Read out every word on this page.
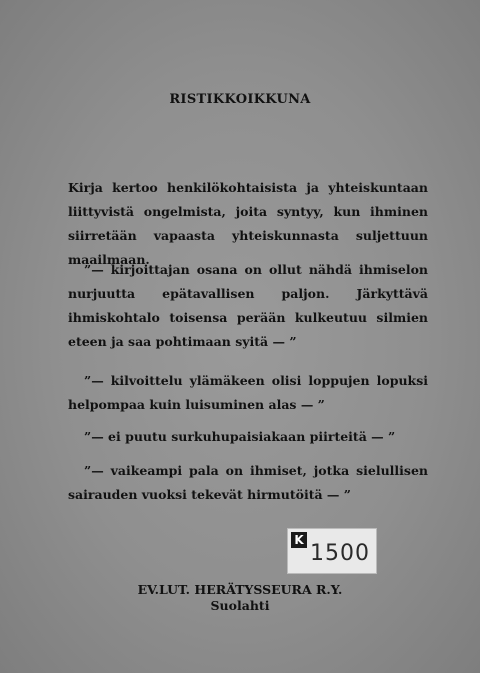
RISTIKKOIKKUNA
Kirja kertoo henkilökohtaisista ja yhteiskuntaan liittyvistä ongelmista, joita syntyy, kun ihminen siirretään vapaasta yhteiskunnasta suljettuun maailmaan.
”— kirjoittajan osana on ollut nähdä ihmiselon nurjuutta epätavallisen paljon. Järkyttävä ihmiskohtalo toisensa perään kulkeutuu silmien eteen ja saa pohtimaan syitä — ”
”— kilvoittelu ylämäkeen olisi loppujen lopuksi helpompaa kuin luisuminen alas — ”
”— ei puutu surkuhupaisiakaan piirteitä — ”
”— vaikeampi pala on ihmiset, jotka sielullisen sairauden vuoksi tekevät hirmutöitä — ”
K
1500
EV.LUT. HERÄTYSSEURA R.Y.
Suolahti
